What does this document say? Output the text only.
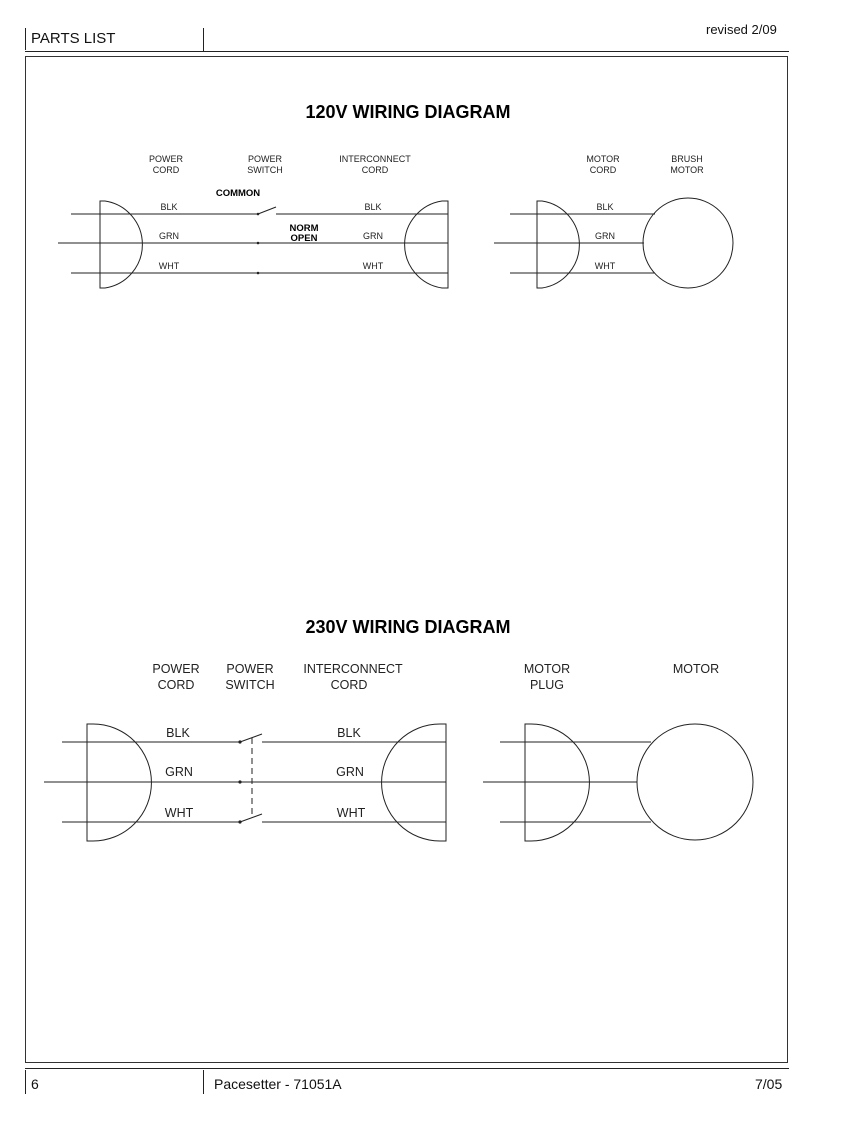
PARTS LIST
revised 2/09
120V WIRING DIAGRAM
POWER
CORD
POWER
SWITCH
INTERCONNECT
CORD
MOTOR
CORD
BRUSH
MOTOR
COMMON
NORM
OPEN
BLK
GRN
WHT
BLK
GRN
WHT
BLK
GRN
WHT
230V WIRING DIAGRAM
POWER
CORD
POWER
SWITCH
INTERCONNECT
CORD
MOTOR
PLUG
MOTOR
BLK
GRN
WHT
BLK
GRN
WHT
6	Pacesetter - 71051A	7/05
